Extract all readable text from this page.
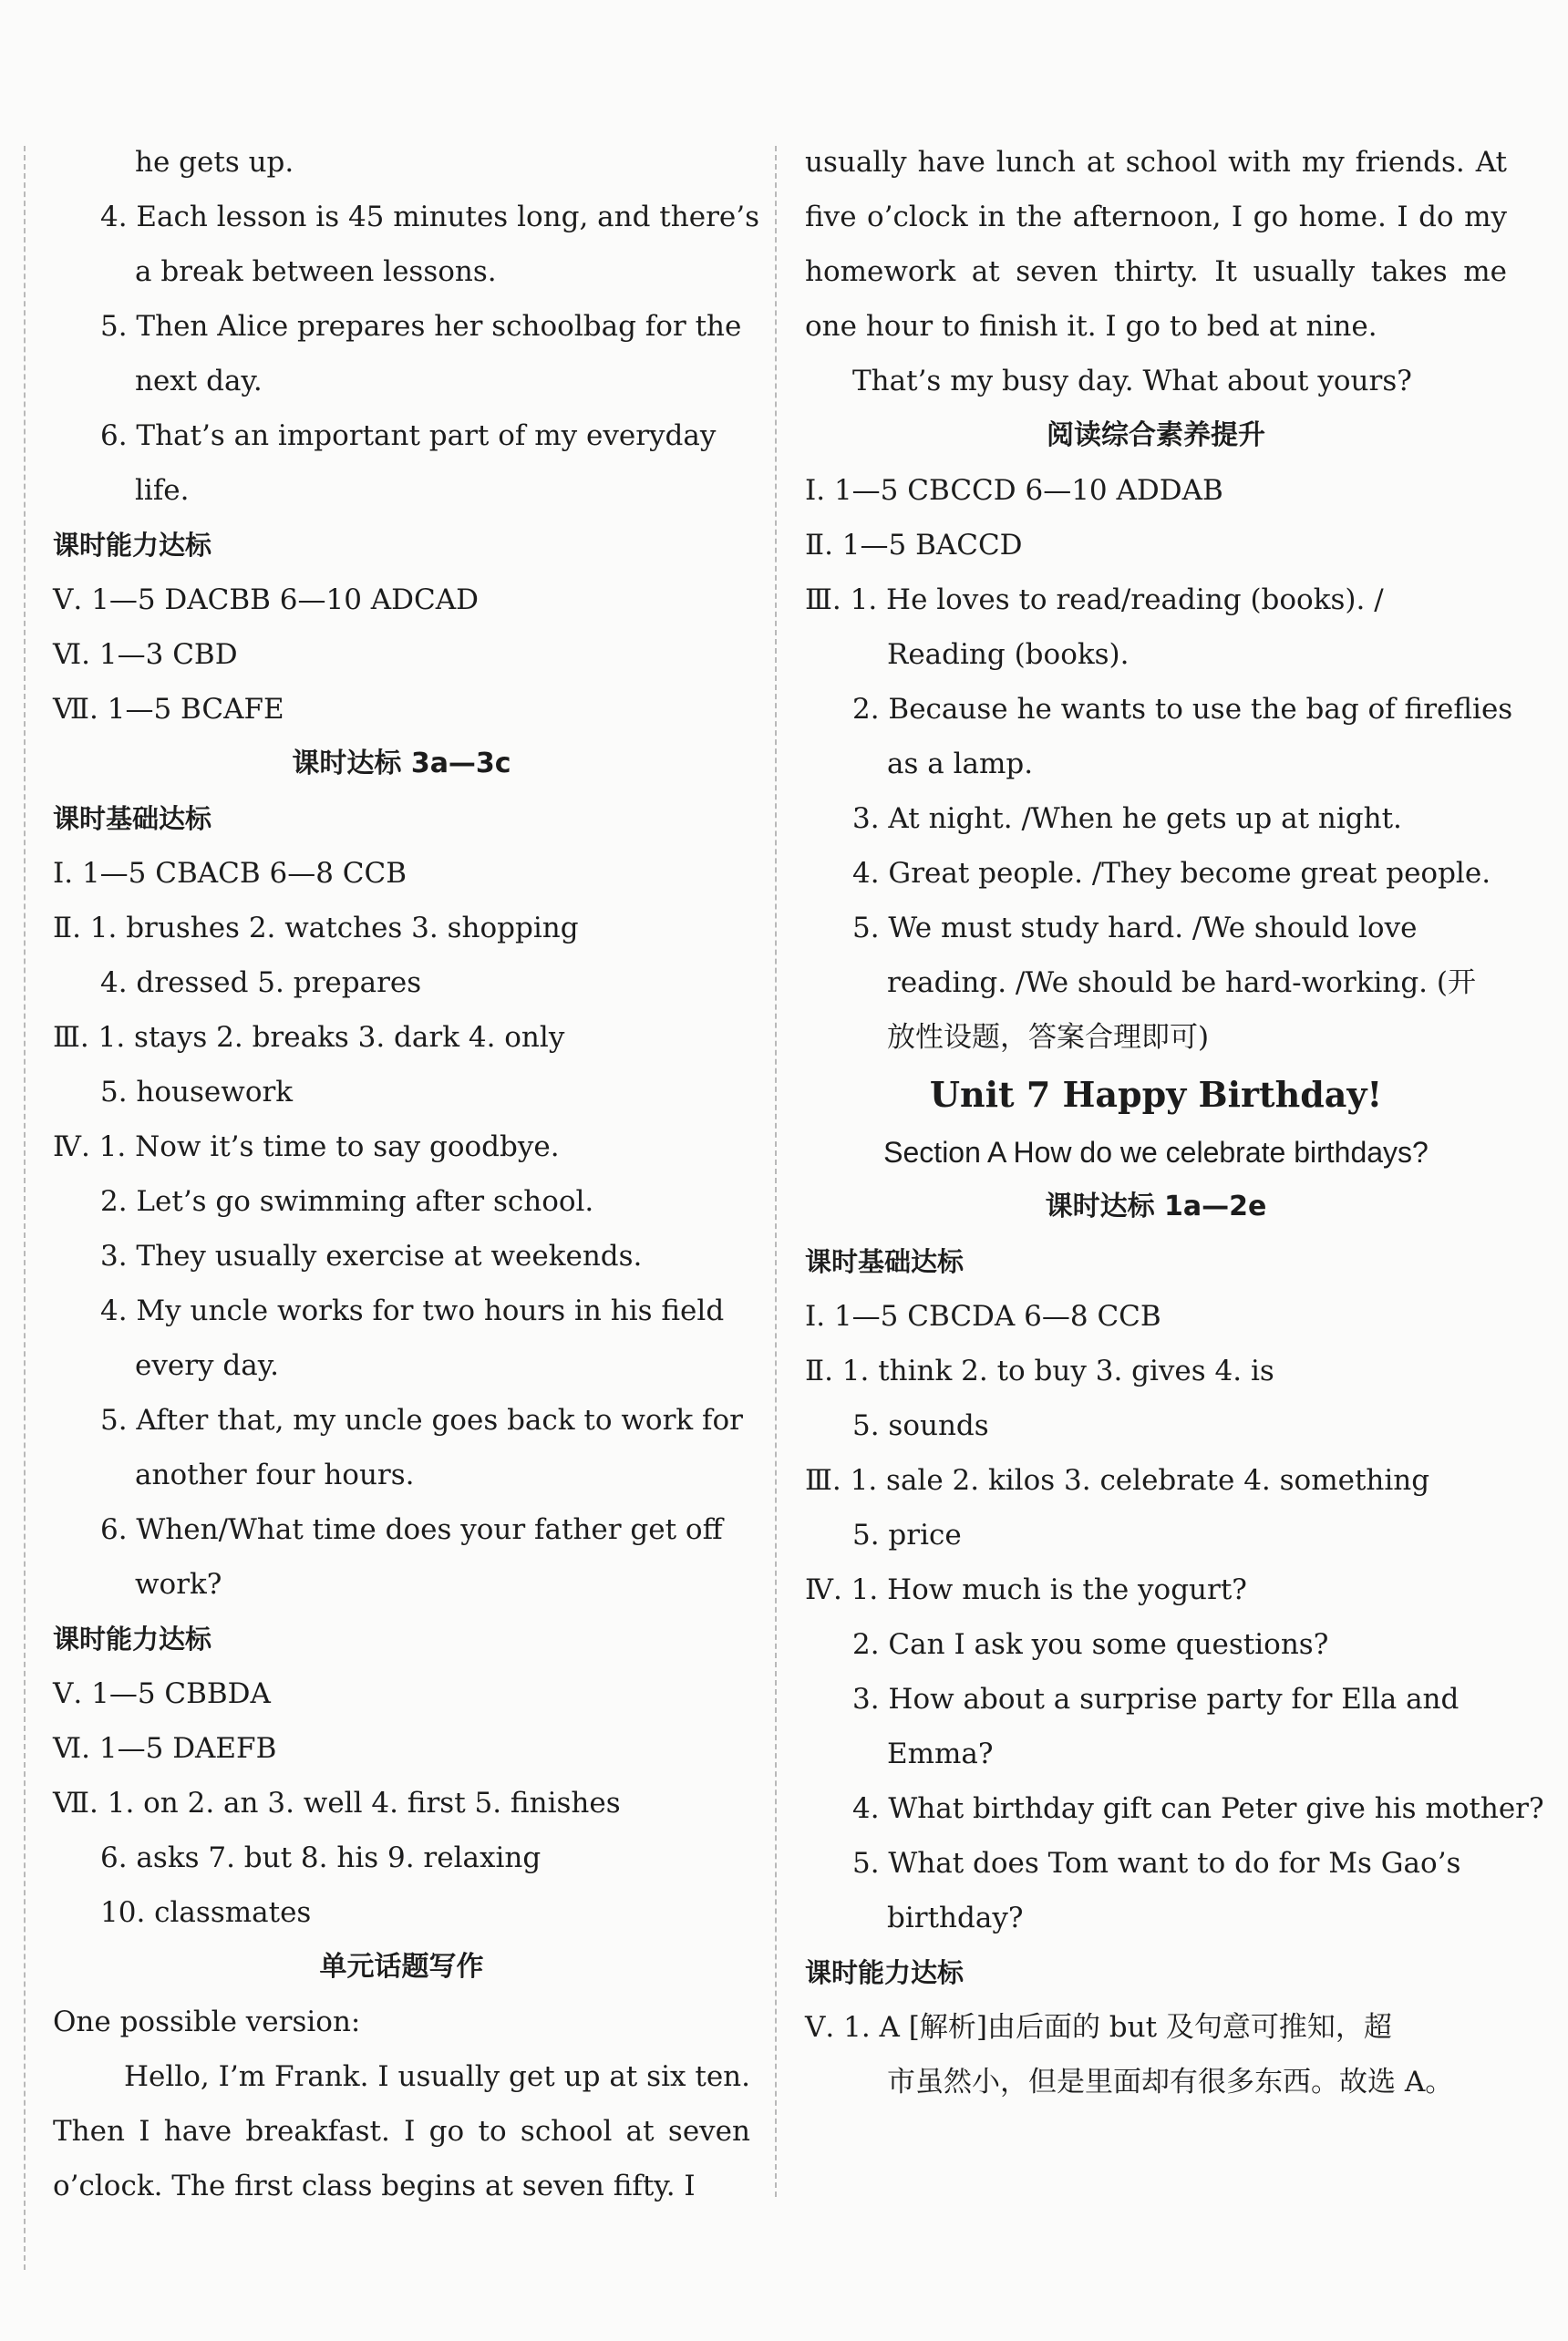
he gets up.
4. Each lesson is 45 minutes long, and there’s
a break between lessons.
5. Then Alice prepares her schoolbag for the
next day.
6. That’s an important part of my everyday
life.
课时能力达标
Ⅴ. 1—5 DACBB 6—10 ADCAD
Ⅵ. 1—3 CBD
Ⅶ. 1—5 BCAFE
课时达标 3a—3c
课时基础达标
Ⅰ. 1—5 CBACB 6—8 CCB
Ⅱ. 1. brushes 2. watches 3. shopping
4. dressed 5. prepares
Ⅲ. 1. stays 2. breaks 3. dark 4. only
5. housework
Ⅳ. 1. Now it’s time to say goodbye.
2. Let’s go swimming after school.
3. They usually exercise at weekends.
4. My uncle works for two hours in his field
every day.
5. After that, my uncle goes back to work for
another four hours.
6. When/What time does your father get off
work?
课时能力达标
Ⅴ. 1—5 CBBDA
Ⅵ. 1—5 DAEFB
Ⅶ. 1. on 2. an 3. well 4. first 5. finishes
6. asks 7. but 8. his 9. relaxing
10. classmates
单元话题写作
One possible version:
Hello, I’m Frank. I usually get up at six ten. Then I have breakfast. I go to school at seven o’clock. The first class begins at seven fifty. I
usually have lunch at school with my friends. At five o’clock in the afternoon, I go home. I do my homework at seven thirty. It usually takes me one hour to finish it. I go to bed at nine.
That’s my busy day. What about yours?
阅读综合素养提升
Ⅰ. 1—5 CBCCD 6—10 ADDAB
Ⅱ. 1—5 BACCD
Ⅲ. 1. He loves to read/reading (books). /
Reading (books).
2. Because he wants to use the bag of fireflies
as a lamp.
3. At night. /When he gets up at night.
4. Great people. /They become great people.
5. We must study hard. /We should love
reading. /We should be hard-working. (开
放性设题，答案合理即可)
Unit 7 Happy Birthday!
Section A How do we celebrate birthdays?
课时达标 1a—2e
课时基础达标
Ⅰ. 1—5 CBCDA 6—8 CCB
Ⅱ. 1. think 2. to buy 3. gives 4. is
5. sounds
Ⅲ. 1. sale 2. kilos 3. celebrate 4. something
5. price
Ⅳ. 1. How much is the yogurt?
2. Can I ask you some questions?
3. How about a surprise party for Ella and
Emma?
4. What birthday gift can Peter give his mother?
5. What does Tom want to do for Ms Gao’s
birthday?
课时能力达标
Ⅴ. 1. A [解析]由后面的 but 及句意可推知，超
市虽然小，但是里面却有很多东西。故选 A。
